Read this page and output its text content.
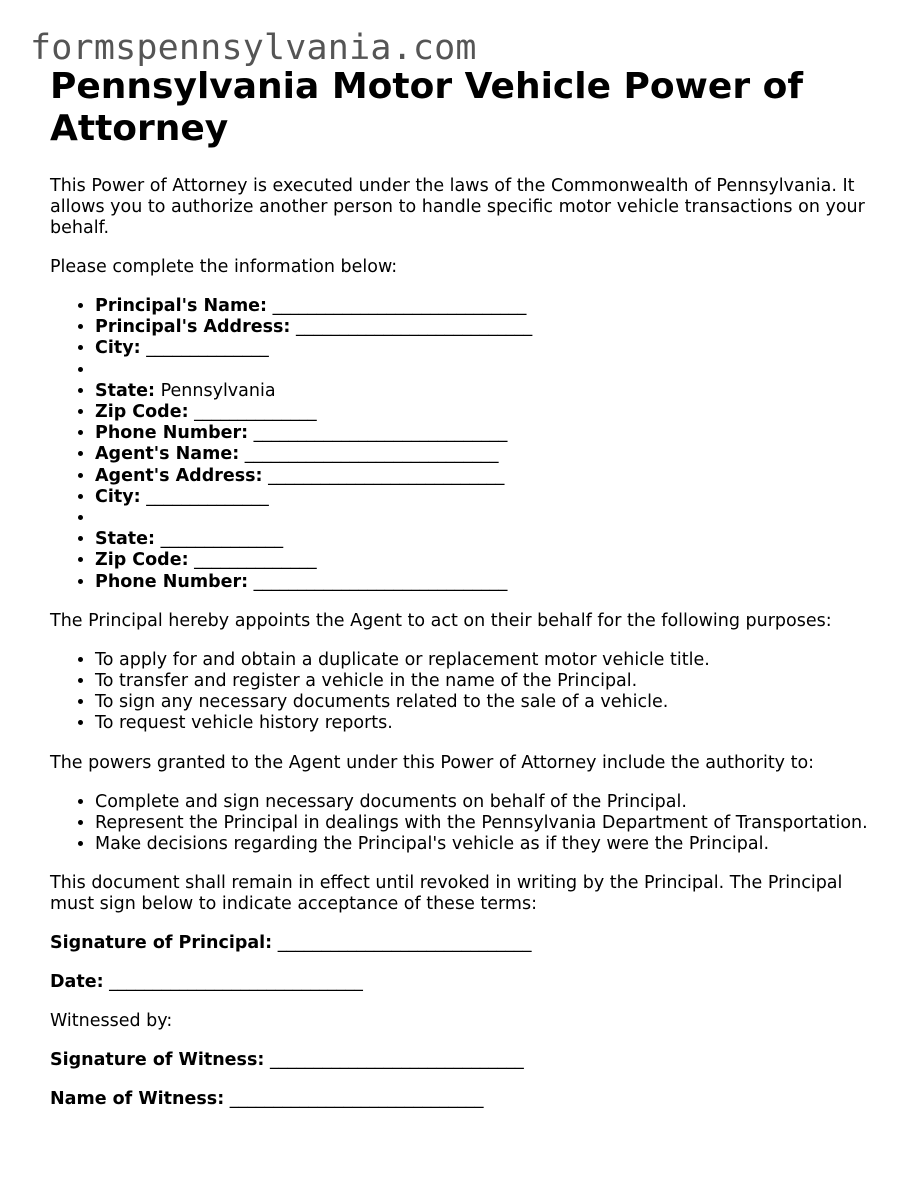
formspennsylvania.com
Pennsylvania Motor Vehicle Power of Attorney

This Power of Attorney is executed under the laws of the Commonwealth of Pennsylvania. It allows you to authorize another person to handle specific motor vehicle transactions on your behalf.

Please complete the information below:

• Principal's Name: _____________________________
• Principal's Address: ___________________________
• City: ______________
•
• State: Pennsylvania
• Zip Code: ______________
• Phone Number: _____________________________
• Agent's Name: _____________________________
• Agent's Address: ___________________________
• City: ______________
•
• State: ______________
• Zip Code: ______________
• Phone Number: _____________________________

The Principal hereby appoints the Agent to act on their behalf for the following purposes:

• To apply for and obtain a duplicate or replacement motor vehicle title.
• To transfer and register a vehicle in the name of the Principal.
• To sign any necessary documents related to the sale of a vehicle.
• To request vehicle history reports.

The powers granted to the Agent under this Power of Attorney include the authority to:

• Complete and sign necessary documents on behalf of the Principal.
• Represent the Principal in dealings with the Pennsylvania Department of Transportation.
• Make decisions regarding the Principal's vehicle as if they were the Principal.

This document shall remain in effect until revoked in writing by the Principal. The Principal must sign below to indicate acceptance of these terms:

Signature of Principal: _____________________________

Date: _____________________________

Witnessed by:

Signature of Witness: _____________________________

Name of Witness: _____________________________
